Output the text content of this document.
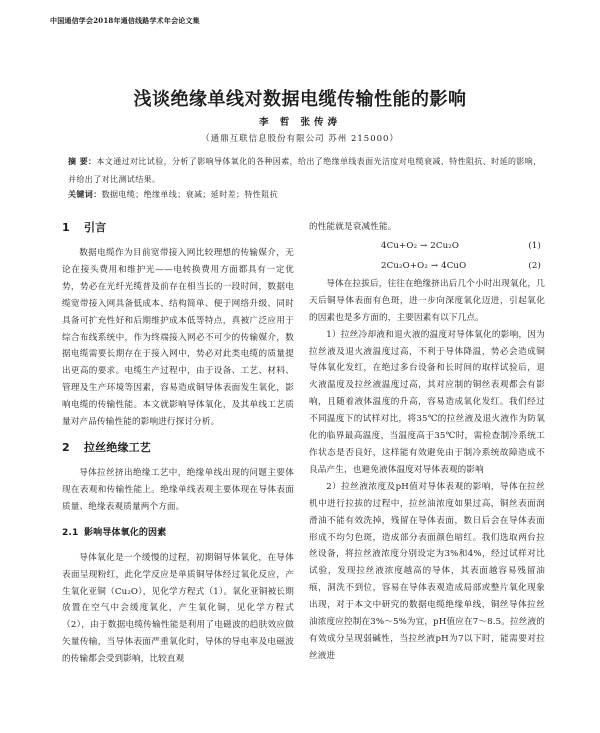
中国通信学会2018年通信线路学术年会论文集
浅谈绝缘单线对数据电缆传输性能的影响
李 哲 张传涛
（通鼎互联信息股份有限公司 苏州 215000）
摘 要：本文通过对比试验，分析了影响导体氧化的各种因素，给出了绝缘单线表面光洁度对电缆衰减、特性阻抗、时延的影响，并给出了对比测试结果。
关键词：数据电缆；绝缘单线；衰减；延时差；特性阻抗
1 引言

数据电缆作为目前宽带接入网比较理想的传输媒介，无论在接头费用和维护光——电转换费用方面都具有一定优势，势必在光纤光缆普及前存在相当长的一段时间，数据电缆宽带接入网具备低成本、结构简单、便于网络升级、同时具备可扩充性好和后期维护成本低等特点，真被广泛应用于综合布线系统中，作为终端接入网必不可少的传输媒介，数据电缆需要长期存在于接入网中，势必对此类电缆的质量提出更高的要求。电缆生产过程中，由于设备、工艺、材料、管理及生产环境等因素，容易造成铜导体表面发生氧化，影响电缆的传输性能。本文就影响导体氧化，及其单线工艺质量对产品传输性能的影响进行探讨分析。

2 拉丝绝缘工艺

导体拉丝挤出绝缘工艺中，绝缘单线出现的问题主要体现在表观和传输性能上。绝缘单线表观主要体现在导体表面质量、绝缘表观质量两个方面。

2.1 影响导体氧化的因素

导体氧化是一个缓慢的过程，初期铜导体氧化，在导体表面呈现粉红，此化学反应是单质铜导体经过氧化反应，产生氧化亚铜（Cu₂O），见化学方程式（1）。氧化亚铜被长期放置在空气中会缓度氧化，产生氧化铜，见化学方程式（2），由于数据电缆传输性能是利用了电磁波的趋肤效应做矢量传输，当导体表面严重氧化时，导体的导电率及电磁波的传输都会受到影响，比较直观

的性能就是衰减性能。

4Cu+O₂ → 2Cu₂O	(1)
2Cu₂O+O₂ → 4CuO	(2)

导体在拉拔后，往往在绝缘挤出后几个小时出现氧化，几天后铜导体表面有色斑，进一步向深度氧化迈进，引起氧化的因素也是多方面的，主要因素有以下几点。

1）拉丝冷却液和退火液的温度对导体氧化的影响，因为拉丝液及退火液温度过高，不利于导体降温，势必会造成铜导体氧化发红，在绝过多台设备和长时间的取样试验后，退火液温度及拉丝液温度过高，其对应制的铜丝表观都会有影响，且随着液体温度的升高，容易造成氧化发红。我们经过不同温度下的试样对比，将35℃的拉丝液及退火液作为防氧化的临界最高温度，当温度高于35℃时，需检查制冷系统工作状态是否良好，这样能有效避免由于制冷系统故障造成不良品产生，也避免液体温度对导体表观的影响

2）拉丝液浓度及pH值对导体表观的影响，导体在拉丝机中进行拉拔的过程中，拉丝油浓度如果过高，铜丝表面润滑油不能有效洗掉，残留在导体表面，数日后会在导体表面形成不均匀色斑，造成部分表面颜色暗红。我们选取两台拉丝设备，将拉丝液浓度分别设定为3%和4%，经过试样对比试验，发现拉丝液浓度越高的导体，其表面越容易残留油痕，洞洗不到位，容易在导体表观造成局部或整片氧化现象出现，对于本文中研究的数据电缆绝缘单线，铜丝导体拉丝油浓度应控制在3%～5%为宜，pH值应在7～8.5。拉丝液的有效成分呈现弱碱性，当拉丝液pH为7以下时，能需要对拉丝液进
